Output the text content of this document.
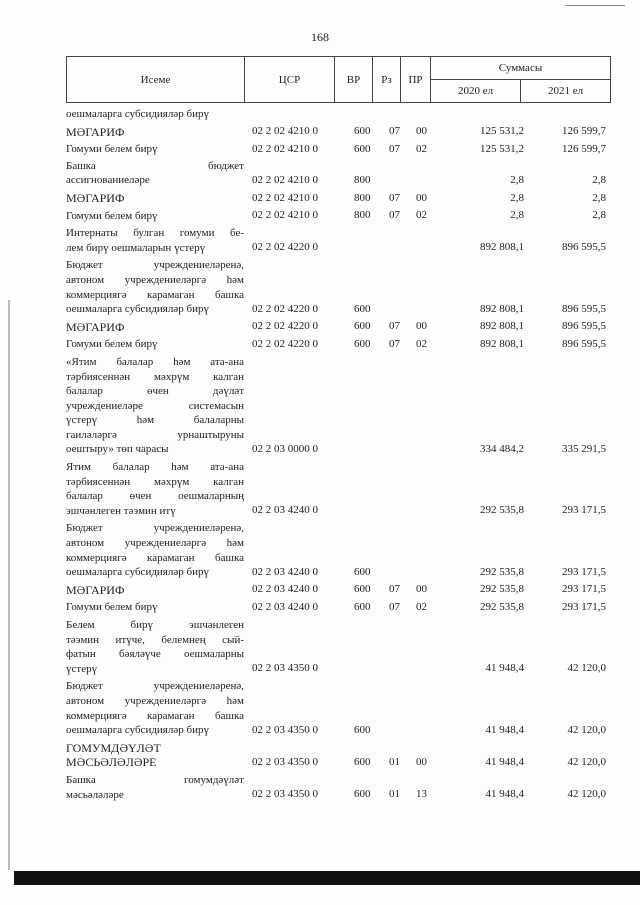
168
Исеме	ЦСР	ВР	Рз	ПР	Суммасы	
					2020 ел	2021 ел
оешмаларга субсидияләр бирү
МӘГАРИФ	02 2 02 4210 0	600 07 00	125 531,2	126 599,7
Гомуми белем бирү	02 2 02 4210 0	600 07 02	125 531,2	126 599,7
Башка бюджет
ассигнованиеләре	02 2 02 4210 0	800	2,8	2,8
МӘГАРИФ	02 2 02 4210 0	800 07 00	2,8	2,8
Гомуми белем бирү	02 2 02 4210 0	800 07 02	2,8	2,8
Интернаты булган гомуми бе-
лем бирү оешмаларын үстерү	02 2 02 4220 0	892 808,1	896 595,5
Бюджет учреждениеләренә,
автоном учреждениеләргә һәм
коммерциягә карамаган башка
оешмаларга субсидияләр бирү	02 2 02 4220 0	600	892 808,1	896 595,5
МӘГАРИФ	02 2 02 4220 0	600 07 00	892 808,1	896 595,5
Гомуми белем бирү	02 2 02 4220 0	600 07 02	892 808,1	896 595,5
«Ятим балалар һәм ата-ана
тәрбиясеннән мәхрүм калган
балалар өчен дәүләт
учреждениеләре системасын
үстерү һәм балаларны
гаиләләргә урнаштыруны
оештыру» төп чарасы	02 2 03 0000 0	334 484,2	335 291,5
Ятим балалар һәм ата-ана
тәрбиясеннән мәхрүм калган
балалар өчен оешмаларның
эшчәнлеген тәэмин итү	02 2 03 4240 0	292 535,8	293 171,5
Бюджет учреждениеләренә,
автоном учреждениеләргә һәм
коммерциягә карамаган башка
оешмаларга субсидияләр бирү	02 2 03 4240 0	600	292 535,8	293 171,5
МӘГАРИФ	02 2 03 4240 0	600 07 00	292 535,8	293 171,5
Гомуми белем бирү	02 2 03 4240 0	600 07 02	292 535,8	293 171,5
Белем бирү эшчәнлеген
тәэмин итүче, белемнең сый-
фатын бәяләүче оешмаларны
үстерү	02 2 03 4350 0	41 948,4	42 120,0
Бюджет учреждениеләренә,
автоном учреждениеләргә һәм
коммерциягә карамаган башка
оешмаларга субсидияләр бирү	02 2 03 4350 0	600	41 948,4	42 120,0
ГОМУМДӘҮЛӘТ
МӘСЬӘЛӘЛӘРЕ	02 2 03 4350 0	600 01 00	41 948,4	42 120,0
Башка гомумдәүләт
мәсьәләләре	02 2 03 4350 0	600 01 13	41 948,4	42 120,0
